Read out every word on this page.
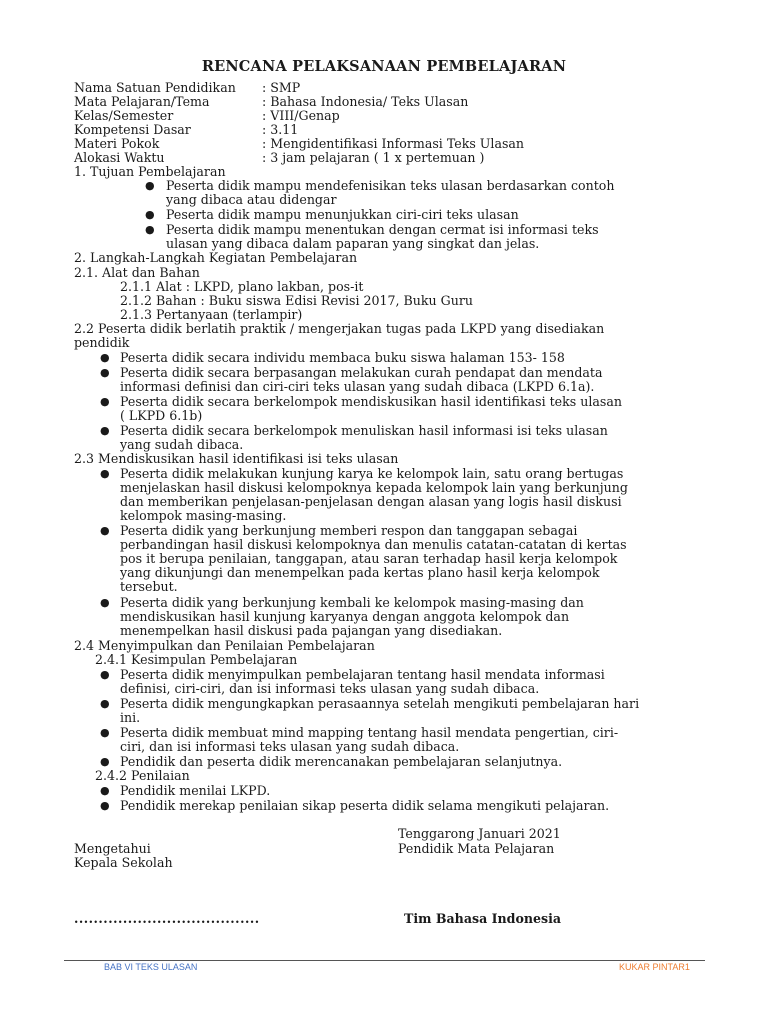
RENCANA PELAKSANAAN PEMBELAJARAN
Nama Satuan Pendidikan : SMP
Mata Pelajaran/Tema	: Bahasa Indonesia/ Teks Ulasan
Kelas/Semester	: VIII/Genap
Kompetensi Dasar	: 3.11
Materi Pokok	: Mengidentifikasi Informasi Teks Ulasan
Alokasi Waktu	: 3 jam pelajaran ( 1 x pertemuan )
1. Tujuan Pembelajaran
● Peserta didik mampu mendefenisikan teks ulasan berdasarkan contoh
yang dibaca atau didengar
● Peserta didik mampu menunjukkan ciri-ciri teks ulasan
● Peserta didik mampu menentukan dengan cermat isi informasi teks
ulasan yang dibaca dalam paparan yang singkat dan jelas.
2. Langkah-Langkah Kegiatan Pembelajaran
2.1. Alat dan Bahan
2.1.1 Alat : LKPD, plano lakban, pos-it
2.1.2 Bahan : Buku siswa Edisi Revisi 2017, Buku Guru
2.1.3 Pertanyaan (terlampir)
2.2 Peserta didik berlatih praktik / mengerjakan tugas pada LKPD yang disediakan
pendidik
● Peserta didik secara individu membaca buku siswa halaman 153- 158
● Peserta didik secara berpasangan melakukan curah pendapat dan mendata
informasi definisi dan ciri-ciri teks ulasan yang sudah dibaca (LKPD 6.1a).
● Peserta didik secara berkelompok mendiskusikan hasil identifikasi teks ulasan
( LKPD 6.1b)
● Peserta didik secara berkelompok menuliskan hasil informasi isi teks ulasan
yang sudah dibaca.
2.3 Mendiskusikan hasil identifikasi isi teks ulasan
● Peserta didik melakukan kunjung karya ke kelompok lain, satu orang bertugas
menjelaskan hasil diskusi kelompoknya kepada kelompok lain yang berkunjung
dan memberikan penjelasan-penjelasan dengan alasan yang logis hasil diskusi
kelompok masing-masing.
● Peserta didik yang berkunjung memberi respon dan tanggapan sebagai
perbandingan hasil diskusi kelompoknya dan menulis catatan-catatan di kertas
pos it berupa penilaian, tanggapan, atau saran terhadap hasil kerja kelompok
yang dikunjungi dan menempelkan pada kertas plano hasil kerja kelompok
tersebut.
● Peserta didik yang berkunjung kembali ke kelompok masing-masing dan
mendiskusikan hasil kunjung karyanya dengan anggota kelompok dan
menempelkan hasil diskusi pada pajangan yang disediakan.
2.4 Menyimpulkan dan Penilaian Pembelajaran
2.4.1 Kesimpulan Pembelajaran
● Peserta didik menyimpulkan pembelajaran tentang hasil mendata informasi
definisi, ciri-ciri, dan isi informasi teks ulasan yang sudah dibaca.
● Peserta didik mengungkapkan perasaannya setelah mengikuti pembelajaran hari
ini.
● Peserta didik membuat mind mapping tentang hasil mendata pengertian, ciri-
ciri, dan isi informasi teks ulasan yang sudah dibaca.
● Pendidik dan peserta didik merencanakan pembelajaran selanjutnya.
2.4.2 Penilaian
● Pendidik menilai LKPD.
● Pendidik merekap penilaian sikap peserta didik selama mengikuti pelajaran.
Tenggarong Januari 2021
Mengetahui	Pendidik Mata Pelajaran
Kepala Sekolah
......................................	Tim Bahasa Indonesia
BAB VI TEKS ULASAN	KUKAR PINTAR1
